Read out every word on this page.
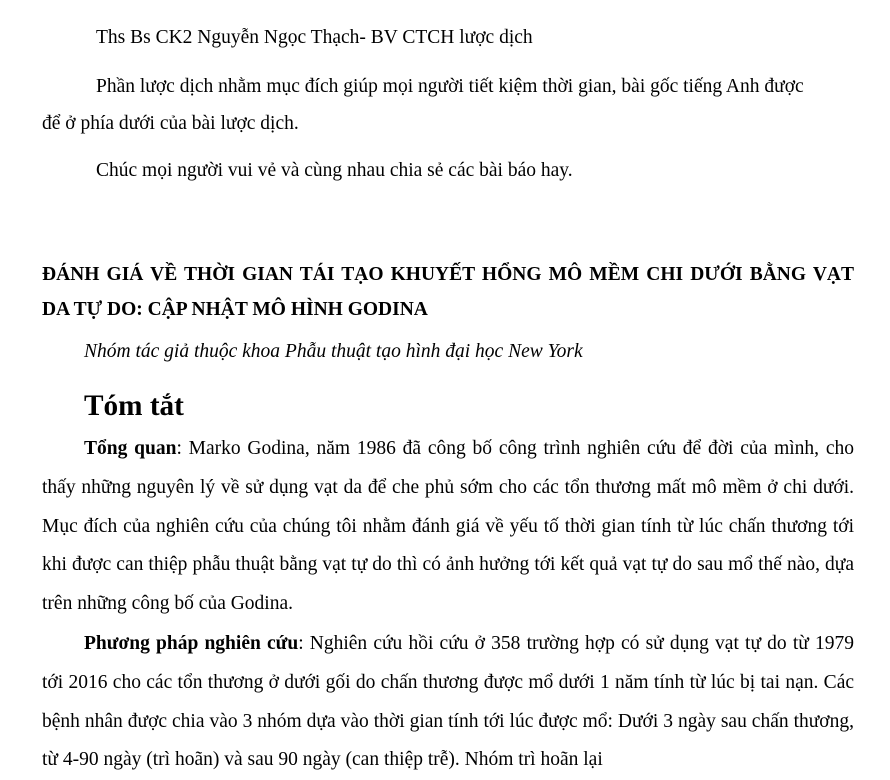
Ths Bs CK2 Nguyễn Ngọc Thạch- BV CTCH lược dịch

Phần lược dịch nhằm mục đích giúp mọi người tiết kiệm thời gian, bài gốc tiếng Anh được

để ở phía dưới của bài lược dịch.

Chúc mọi người vui vẻ và cùng nhau chia sẻ các bài báo hay.

ĐÁNH GIÁ VỀ THỜI GIAN TÁI TẠO KHUYẾT HỔNG MÔ MỀM CHI DƯỚI BẰNG VẠT DA TỰ DO: CẬP NHẬT MÔ HÌNH GODINA

Nhóm tác giả thuộc khoa Phẫu thuật tạo hình đại học New York

Tóm tắt

Tổng quan: Marko Godina, năm 1986 đã công bố công trình nghiên cứu để đời của mình, cho thấy những nguyên lý về sử dụng vạt da để che phủ sớm cho các tổn thương mất mô mềm ở chi dưới. Mục đích của nghiên cứu của chúng tôi nhằm đánh giá về yếu tố thời gian tính từ lúc chấn thương tới khi được can thiệp phẫu thuật bằng vạt tự do thì có ảnh hưởng tới kết quả vạt tự do sau mổ thế nào, dựa trên những công bố của Godina.

Phương pháp nghiên cứu: Nghiên cứu hồi cứu ở 358 trường hợp có sử dụng vạt tự do từ 1979 tới 2016 cho các tổn thương ở dưới gối do chấn thương được mổ dưới 1 năm tính từ lúc bị tai nạn. Các bệnh nhân được chia vào 3 nhóm dựa vào thời gian tính tới lúc được mổ: Dưới 3 ngày sau chấn thương, từ 4-90 ngày (trì hoãn) và sau 90 ngày (can thiệp trễ). Nhóm trì hoãn lại
